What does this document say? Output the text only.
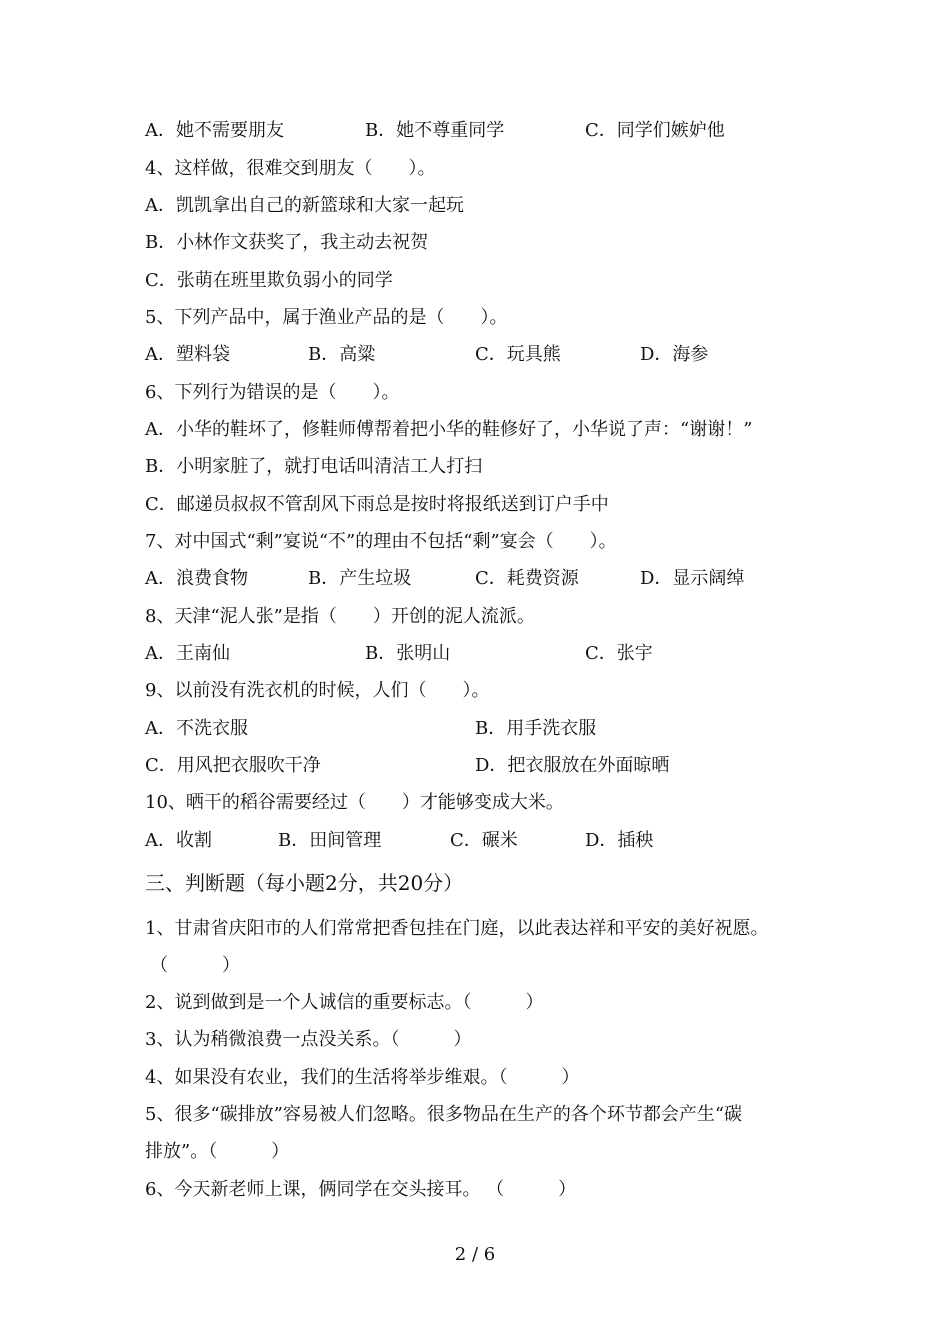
A．她不需要朋友	B．她不尊重同学	C．同学们嫉妒他
4、这样做，很难交到朋友（　　）。
A．凯凯拿出自己的新篮球和大家一起玩
B．小林作文获奖了，我主动去祝贺
C．张萌在班里欺负弱小的同学
5、下列产品中，属于渔业产品的是（　　）。
A．塑料袋	B．高粱	C．玩具熊	D．海参
6、下列行为错误的是（　　）。
A．小华的鞋坏了，修鞋师傅帮着把小华的鞋修好了，小华说了声：“谢谢！”
B．小明家脏了，就打电话叫清洁工人打扫
C．邮递员叔叔不管刮风下雨总是按时将报纸送到订户手中
7、对中国式“剩”宴说“不”的理由不包括“剩”宴会（　　）。
A．浪费食物	B．产生垃圾	C．耗费资源	D．显示阔绰
8、天津“泥人张”是指（　　）开创的泥人流派。
A．王南仙	B．张明山	C．张宇
9、以前没有洗衣机的时候，人们（　　）。
A．不洗衣服	B．用手洗衣服
C．用风把衣服吹干净	D．把衣服放在外面晾晒
10、晒干的稻谷需要经过（　　）才能够变成大米。
A．收割	B．田间管理	C．碾米	D．插秧
三、判断题（每小题2分，共20分）
1、甘肃省庆阳市的人们常常把香包挂在门庭，以此表达祥和平安的美好祝愿。
（　　　）
2、说到做到是一个人诚信的重要标志。（　　　）
3、认为稍微浪费一点没关系。（　　　）
4、如果没有农业，我们的生活将举步维艰。（　　　）
5、很多“碳排放”容易被人们忽略。很多物品在生产的各个环节都会产生“碳
排放”。（　　　）
6、今天新老师上课，俩同学在交头接耳。 （　　　）
2 / 6
